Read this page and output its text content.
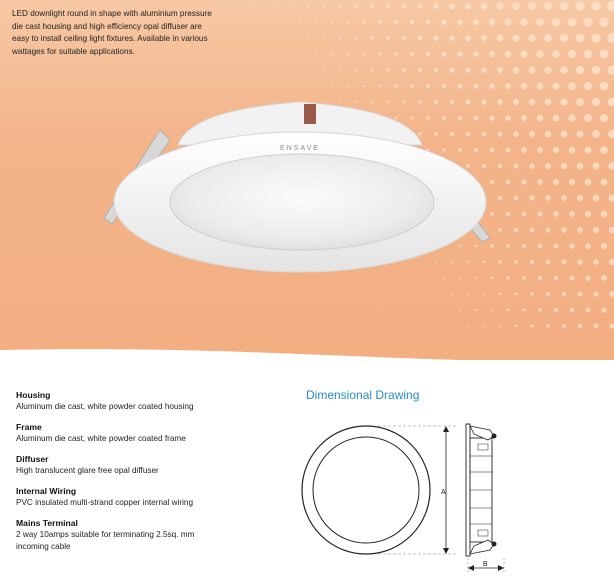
LED downlight round in shape with aluminium pressure
die cast housing and high efficiency opal diffuser are
easy to install ceiling light fixtures. Available in various
wattages for suitable applications.
ENSAVE
Housing
Aluminum die cast, white powder coated housing
Frame
Aluminum die cast, white powder coated frame
Diffuser
High translucent glare free opal diffuser
Internal Wiring
PVC insulated multi-strand copper internal wiring
Mains Terminal
2 way 10amps suitable for terminating 2.5sq. mm
incoming cable
Dimensional Drawing
A
B
